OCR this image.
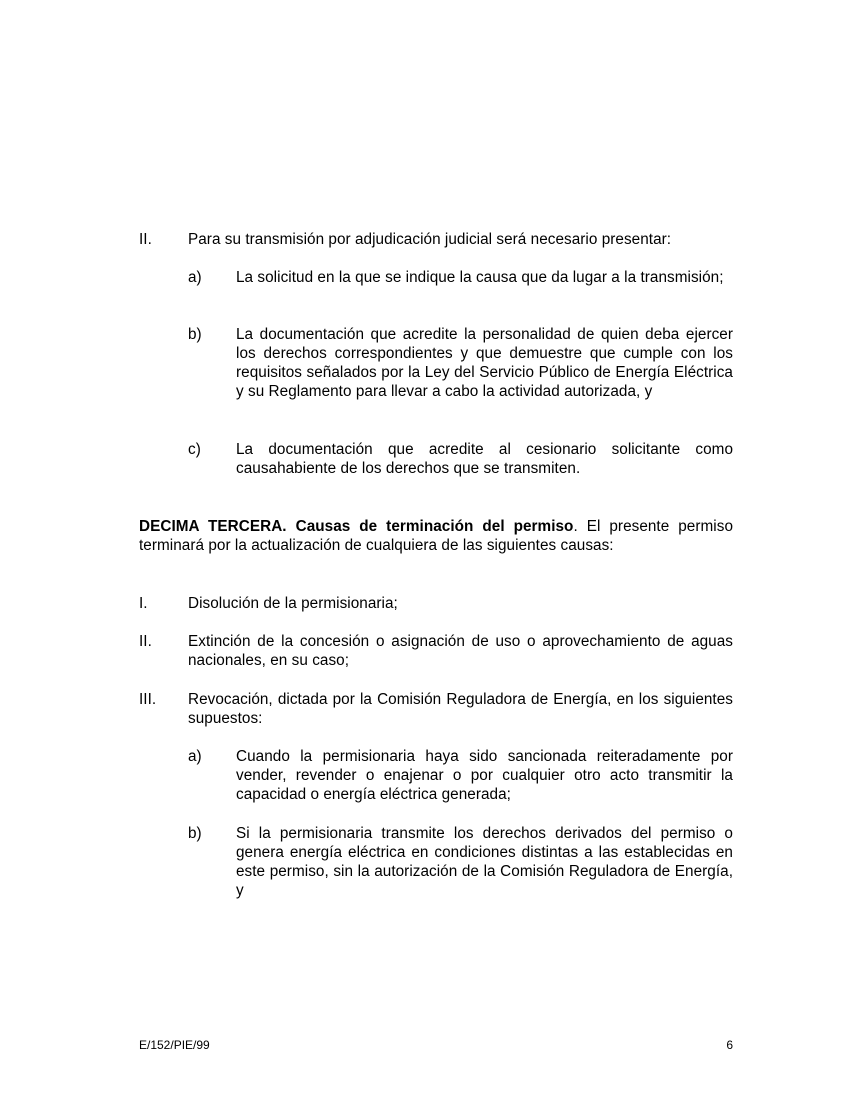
II. Para su transmisión por adjudicación judicial será necesario presentar:
a) La solicitud en la que se indique la causa que da lugar a la transmisión;
b) La documentación que acredite la personalidad de quien deba ejercer los derechos correspondientes y que demuestre que cumple con los requisitos señalados por la Ley del Servicio Público de Energía Eléctrica y su Reglamento para llevar a cabo la actividad autorizada, y
c) La documentación que acredite al cesionario solicitante como causahabiente de los derechos que se transmiten.
DECIMA TERCERA. Causas de terminación del permiso. El presente permiso terminará por la actualización de cualquiera de las siguientes causas:
I.	Disolución de la permisionaria;
II. Extinción de la concesión o asignación de uso o aprovechamiento de aguas nacionales, en su caso;
III. Revocación, dictada por la Comisión Reguladora de Energía, en los siguientes supuestos:
a) Cuando la permisionaria haya sido sancionada reiteradamente por vender, revender o enajenar o por cualquier otro acto transmitir la capacidad o energía eléctrica generada;
b) Si la permisionaria transmite los derechos derivados del permiso o genera energía eléctrica en condiciones distintas a las establecidas en este permiso, sin la autorización de la Comisión Reguladora de Energía, y
E/152/PIE/99	6
